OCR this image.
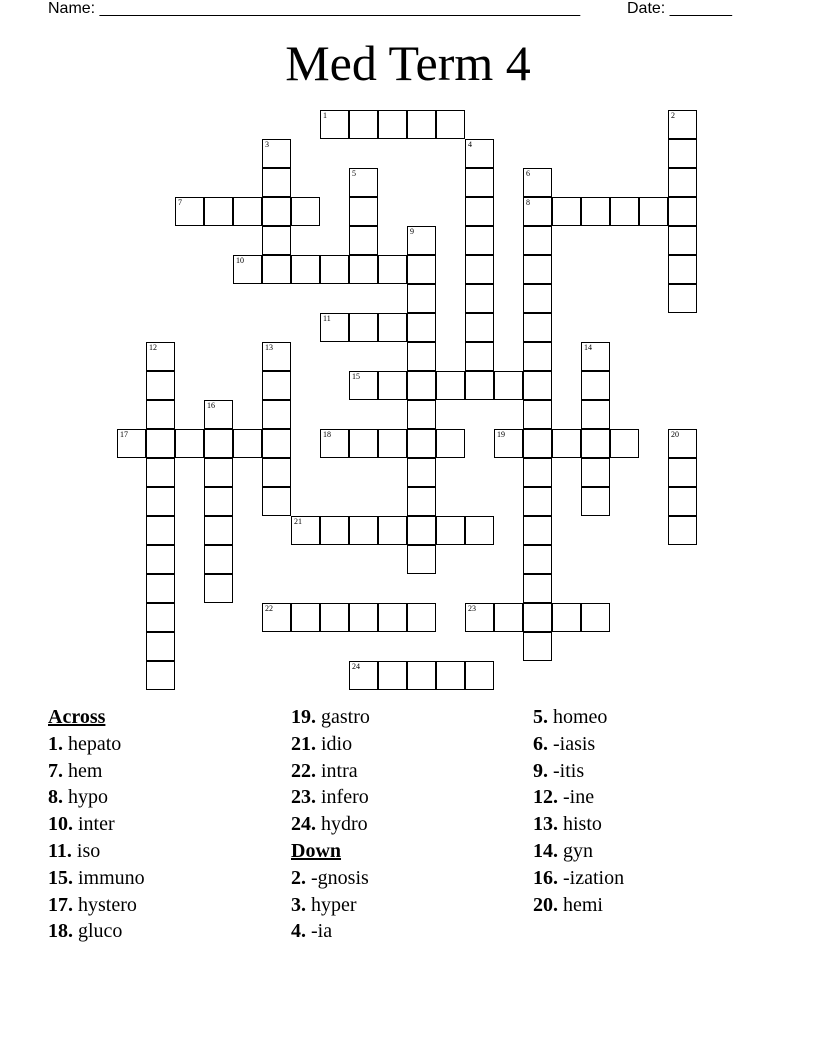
Name: ______________________________________________________	Date: _______
Med Term 4
1	2
3	4
5
7
6
8
9
10
11
12	13	14
15
16
17	18	19	20
21
22	23
24
Across
1. hepato
7. hem
8. hypo
10. inter
11. iso
15. immuno
17. hystero
18. gluco
19. gastro
21. idio
22. intra
23. infero
24. hydro
Down
2. -gnosis
3. hyper
4. -ia
5. homeo
6. -iasis
9. -itis
12. -ine
13. histo
14. gyn
16. -ization
20. hemi
